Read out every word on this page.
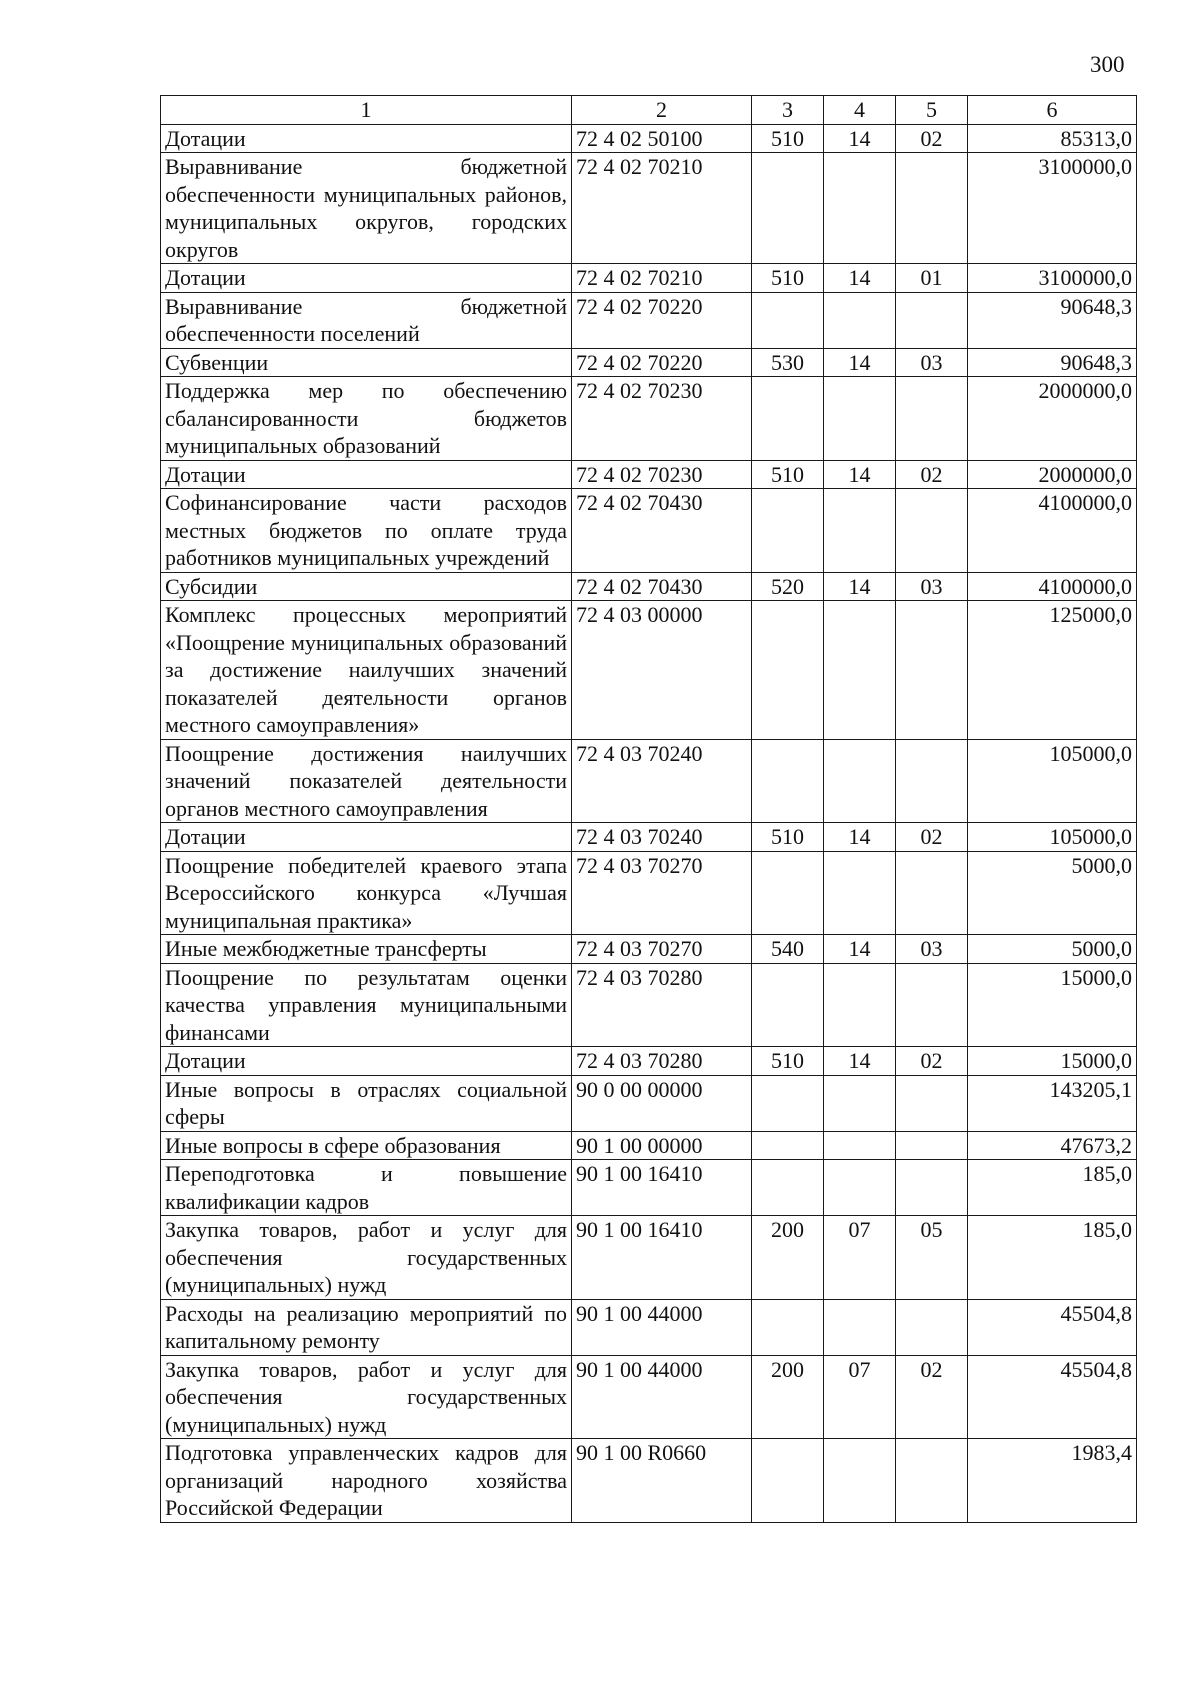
300
1	2	3	4	5	6
Дотации	72 4 02 50100	510	14	02	85313,0
Выравнивание бюджетной обеспеченности муниципальных районов, муниципальных округов, городских округов	72 4 02 70210				3100000,0
Дотации	72 4 02 70210	510	14	01	3100000,0
Выравнивание бюджетной обеспеченности поселений	72 4 02 70220				90648,3
Субвенции	72 4 02 70220	530	14	03	90648,3
Поддержка мер по обеспечению сбалансированности бюджетов муниципальных образований	72 4 02 70230				2000000,0
Дотации	72 4 02 70230	510	14	02	2000000,0
Софинансирование части расходов местных бюджетов по оплате труда работников муниципальных учреждений	72 4 02 70430				4100000,0
Субсидии	72 4 02 70430	520	14	03	4100000,0
Комплекс процессных мероприятий «Поощрение муниципальных образований за достижение наилучших значений показателей деятельности органов местного самоуправления»	72 4 03 00000				125000,0
Поощрение достижения наилучших значений показателей деятельности органов местного самоуправления	72 4 03 70240				105000,0
Дотации	72 4 03 70240	510	14	02	105000,0
Поощрение победителей краевого этапа Всероссийского конкурса «Лучшая муниципальная практика»	72 4 03 70270				5000,0
Иные межбюджетные трансферты	72 4 03 70270	540	14	03	5000,0
Поощрение по результатам оценки качества управления муниципальными финансами	72 4 03 70280				15000,0
Дотации	72 4 03 70280	510	14	02	15000,0
Иные вопросы в отраслях социальной сферы	90 0 00 00000				143205,1
Иные вопросы в сфере образования	90 1 00 00000				47673,2
Переподготовка и повышение квалификации кадров	90 1 00 16410				185,0
Закупка товаров, работ и услуг для обеспечения государственных (муниципальных) нужд	90 1 00 16410	200	07	05	185,0
Расходы на реализацию мероприятий по капитальному ремонту	90 1 00 44000				45504,8
Закупка товаров, работ и услуг для обеспечения государственных (муниципальных) нужд	90 1 00 44000	200	07	02	45504,8
Подготовка управленческих кадров для организаций народного хозяйства Российской Федерации	90 1 00 R0660				1983,4
